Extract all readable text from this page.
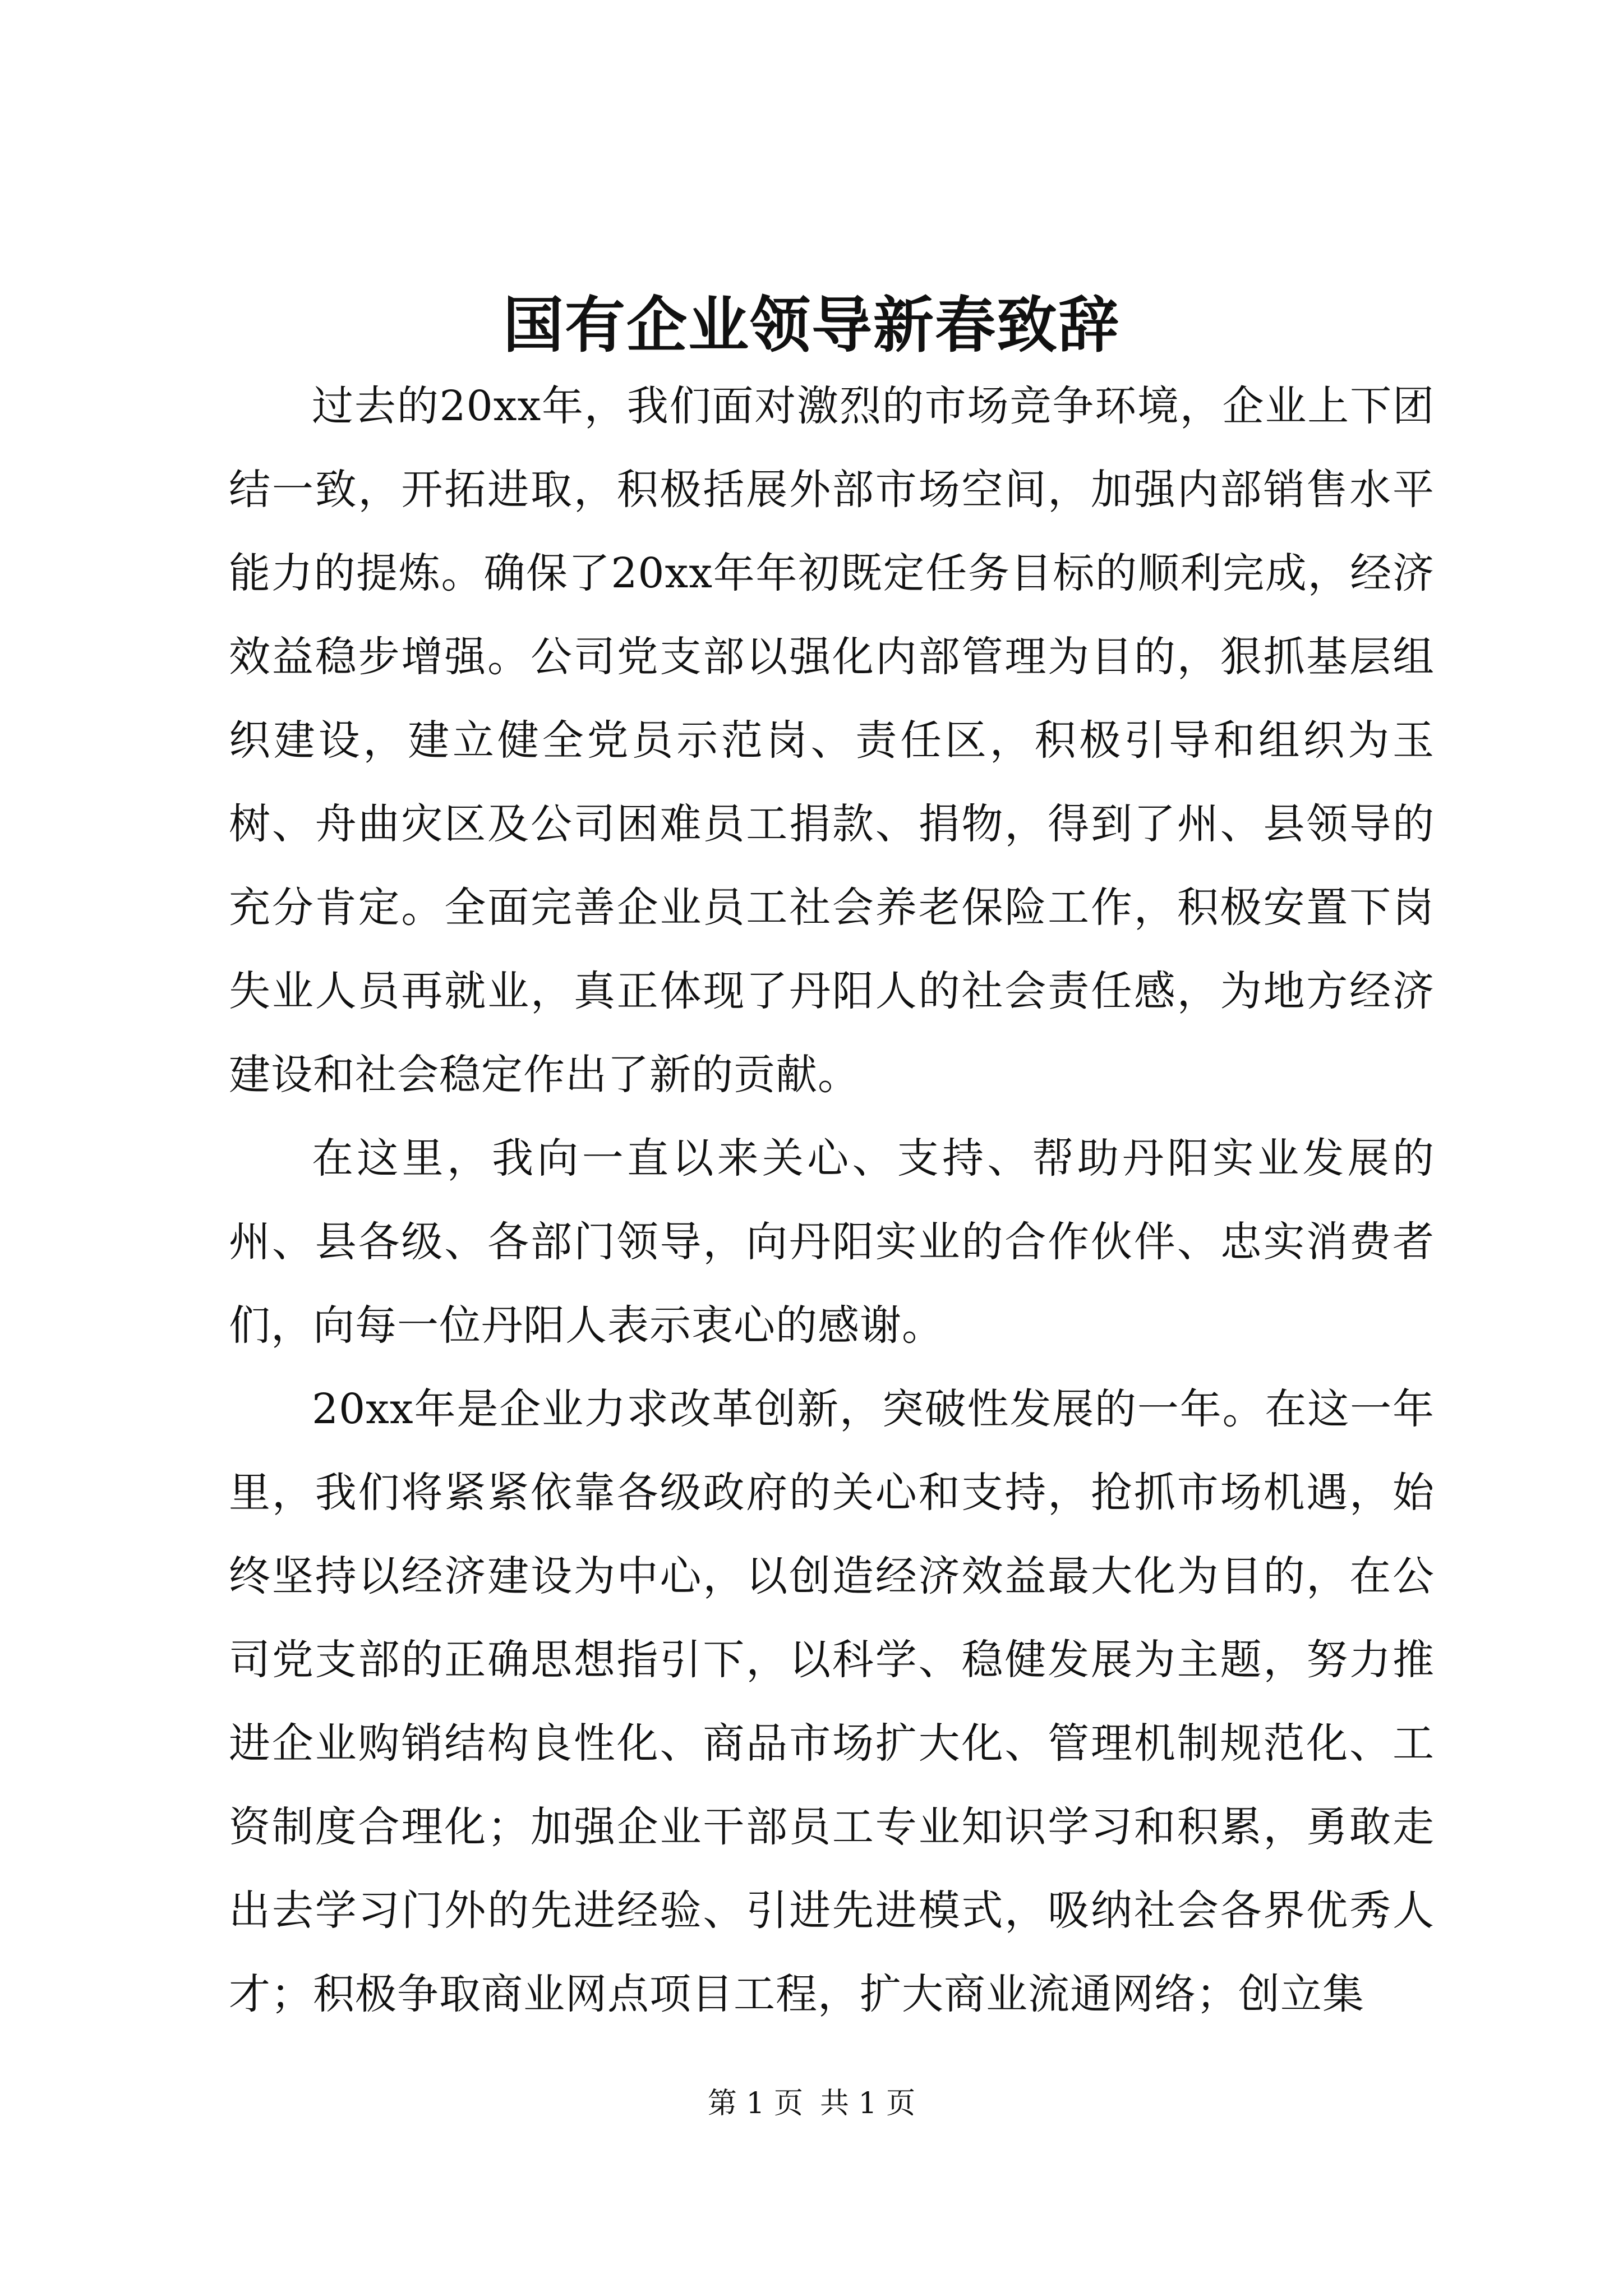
国有企业领导新春致辞

过去的20xx年，我们面对激烈的市场竞争环境，企业上下团结一致，开拓进取，积极括展外部市场空间，加强内部销售水平能力的提炼。确保了20xx年年初既定任务目标的顺利完成，经济效益稳步增强。公司党支部以强化内部管理为目的，狠抓基层组织建设，建立健全党员示范岗、责任区，积极引导和组织为玉树、舟曲灾区及公司困难员工捐款、捐物，得到了州、县领导的充分肯定。全面完善企业员工社会养老保险工作，积极安置下岗失业人员再就业，真正体现了丹阳人的社会责任感，为地方经济建设和社会稳定作出了新的贡献。

在这里，我向一直以来关心、支持、帮助丹阳实业发展的州、县各级、各部门领导，向丹阳实业的合作伙伴、忠实消费者们，向每一位丹阳人表示衷心的感谢。

20xx年是企业力求改革创新，突破性发展的一年。在这一年里，我们将紧紧依靠各级政府的关心和支持，抢抓市场机遇，始终坚持以经济建设为中心，以创造经济效益最大化为目的，在公司党支部的正确思想指引下，以科学、稳健发展为主题，努力推进企业购销结构良性化、商品市场扩大化、管理机制规范化、工资制度合理化；加强企业干部员工专业知识学习和积累，勇敢走出去学习门外的先进经验、引进先进模式，吸纳社会各界优秀人才；积极争取商业网点项目工程，扩大商业流通网络；创立集

第 1 页 共 1 页
